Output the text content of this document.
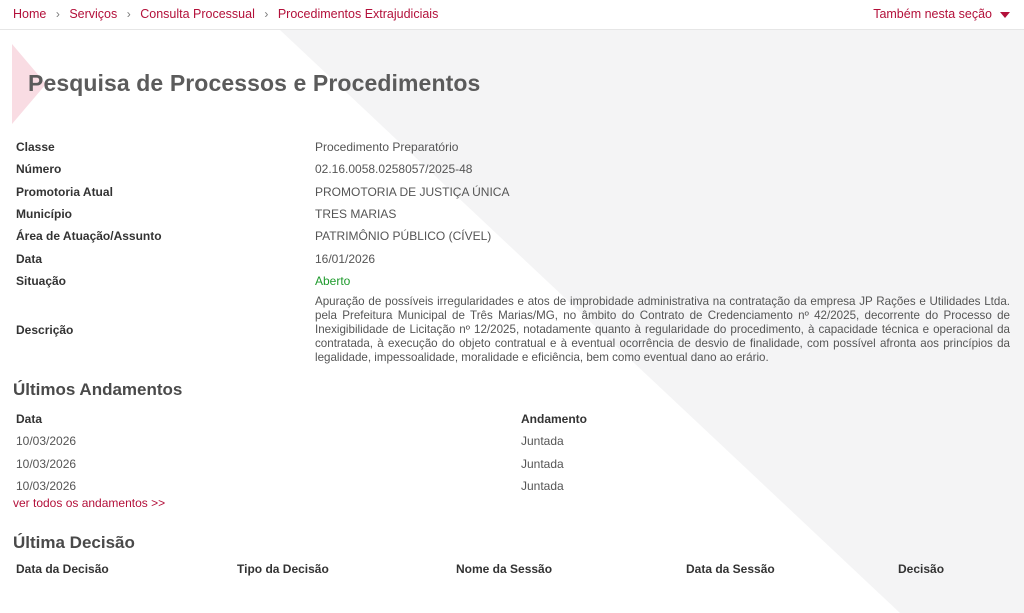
Home › Serviços › Consulta Processual › Procedimentos Extrajudiciais	Também nesta seção
Pesquisa de Processos e Procedimentos
Classe	Procedimento Preparatório
Número	02.16.0058.0258057/2025-48
Promotoria Atual	PROMOTORIA DE JUSTIÇA ÚNICA
Município	TRES MARIAS
Área de Atuação/Assunto	PATRIMÔNIO PÚBLICO (CÍVEL)
Data	16/01/2026
Situação	Aberto
Descrição
Apuração de possíveis irregularidades e atos de improbidade administrativa na contratação da empresa JP Rações e Utilidades Ltda. pela Prefeitura Municipal de Três Marias/MG, no âmbito do Contrato de Credenciamento nº 42/2025, decorrente do Processo de Inexigibilidade de Licitação nº 12/2025, notadamente quanto à regularidade do procedimento, à capacidade técnica e operacional da contratada, à execução do objeto contratual e à eventual ocorrência de desvio de finalidade, com possível afronta aos princípios da legalidade, impessoalidade, moralidade e eficiência, bem como eventual dano ao erário.
Últimos Andamentos
Data	Andamento
10/03/2026	Juntada
10/03/2026	Juntada
10/03/2026	Juntada
ver todos os andamentos >>
Última Decisão
Data da Decisão	Tipo da Decisão	Nome da Sessão	Data da Sessão	Decisão
